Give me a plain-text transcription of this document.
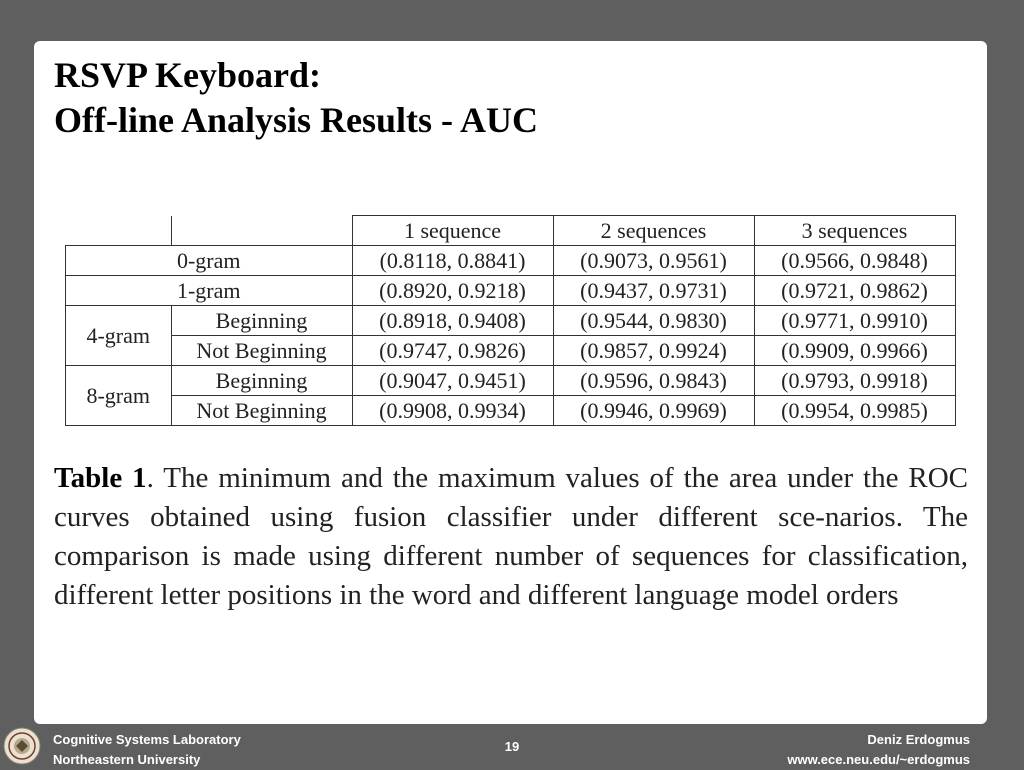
RSVP Keyboard:
Off-line Analysis Results - AUC
		1 sequence	2 sequences	3 sequences
0-gram		(0.8118, 0.8841)	(0.9073, 0.9561)	(0.9566, 0.9848)
1-gram		(0.8920, 0.9218)	(0.9437, 0.9731)	(0.9721, 0.9862)
4-gram	Beginning	(0.8918, 0.9408)	(0.9544, 0.9830)	(0.9771, 0.9910)
	Not Beginning	(0.9747, 0.9826)	(0.9857, 0.9924)	(0.9909, 0.9966)
8-gram	Beginning	(0.9047, 0.9451)	(0.9596, 0.9843)	(0.9793, 0.9918)
	Not Beginning	(0.9908, 0.9934)	(0.9946, 0.9969)	(0.9954, 0.9985)
Table 1. The minimum and the maximum values of the area under the ROC curves obtained using fusion classifier under different sce-narios. The comparison is made using different number of sequences for classification, different letter positions in the word and different language model orders
Cognitive Systems Laboratory
Northeastern University
19	Deniz Erdogmus
www.ece.neu.edu/~erdogmus
